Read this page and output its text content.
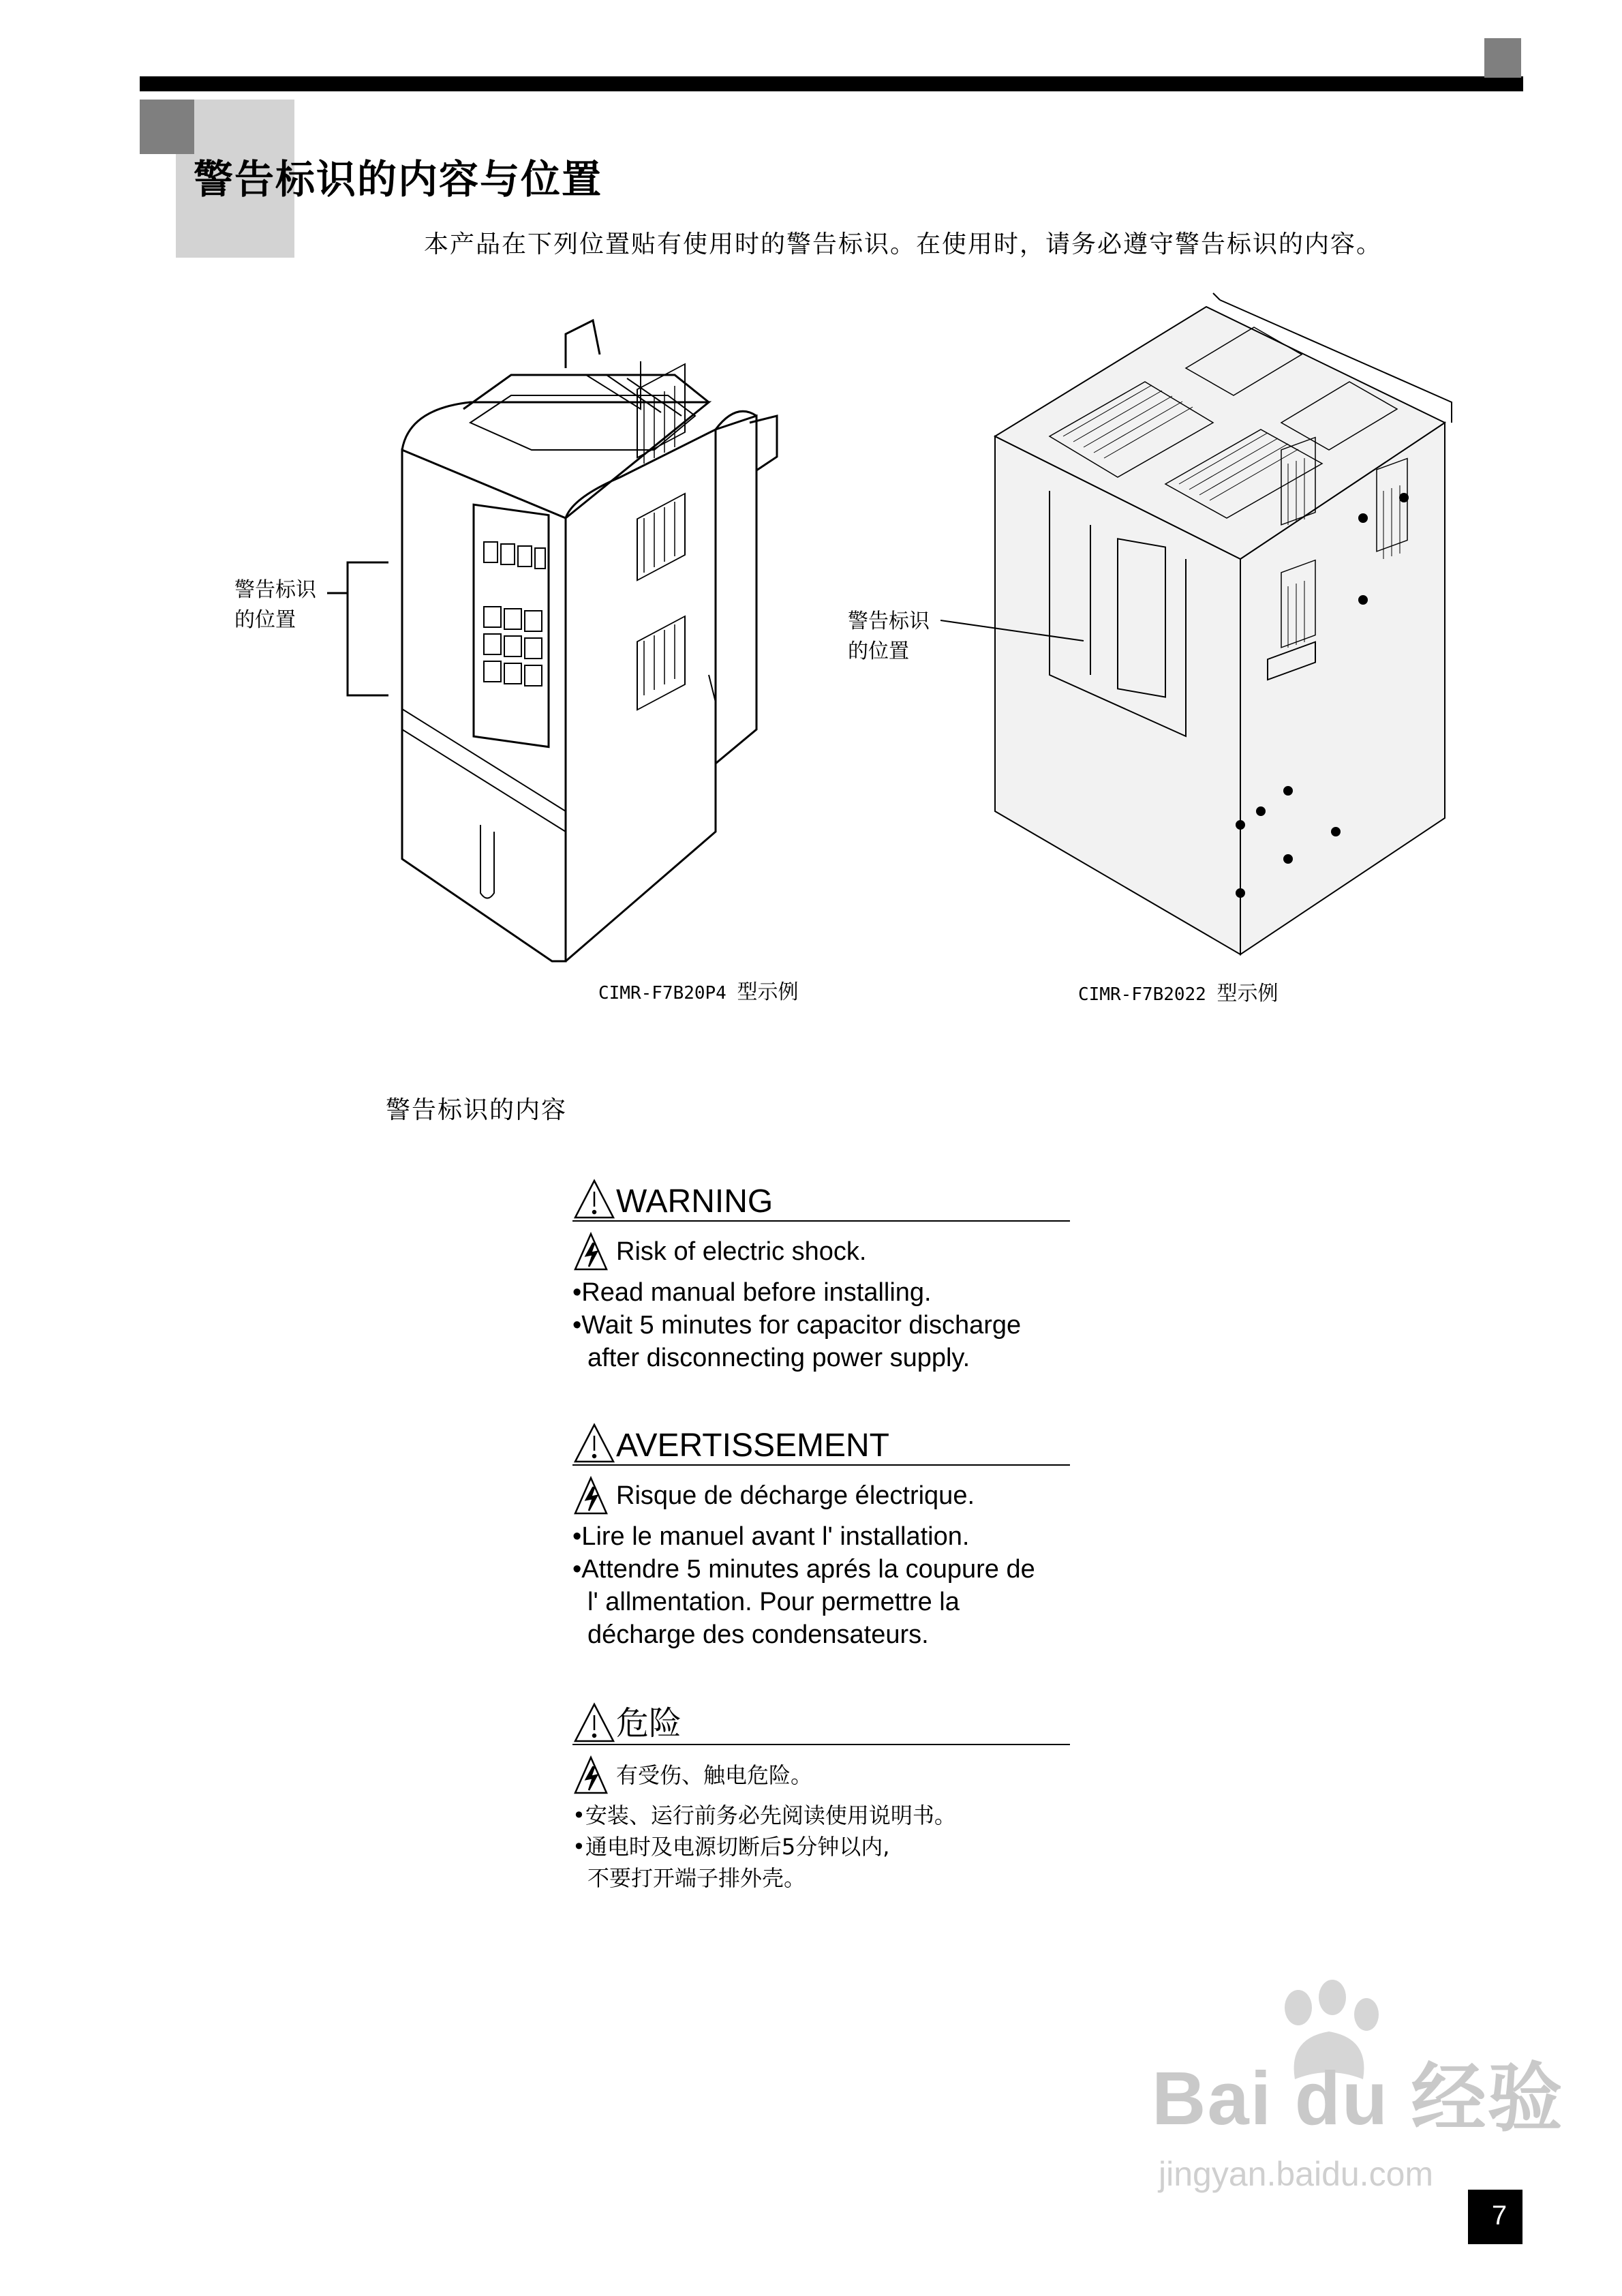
警告标识的内容与位置
本产品在下列位置贴有使用时的警告标识。在使用时，请务必遵守警告标识的内容。
警告标识
的位置
CIMR-F7B20P4 型示例
警告标识
的位置
CIMR-F7B2022 型示例
警告标识的内容
WARNING
Risk of electric shock.
•Read manual before installing.
•Wait 5 minutes for capacitor discharge
after disconnecting power supply.
AVERTISSEMENT
Risque de décharge électrique.
•Lire le manuel avant l' installation.
•Attendre 5 minutes aprés la coupure de
l' allmentation. Pour permettre la
décharge des condensateurs.
危险
有受伤、触电危险。
•安装、运行前务必先阅读使用说明书。
•通电时及电源切断后5分钟以内,
不要打开端子排外壳。
Bai du 经验
jingyan.baidu.com
7
